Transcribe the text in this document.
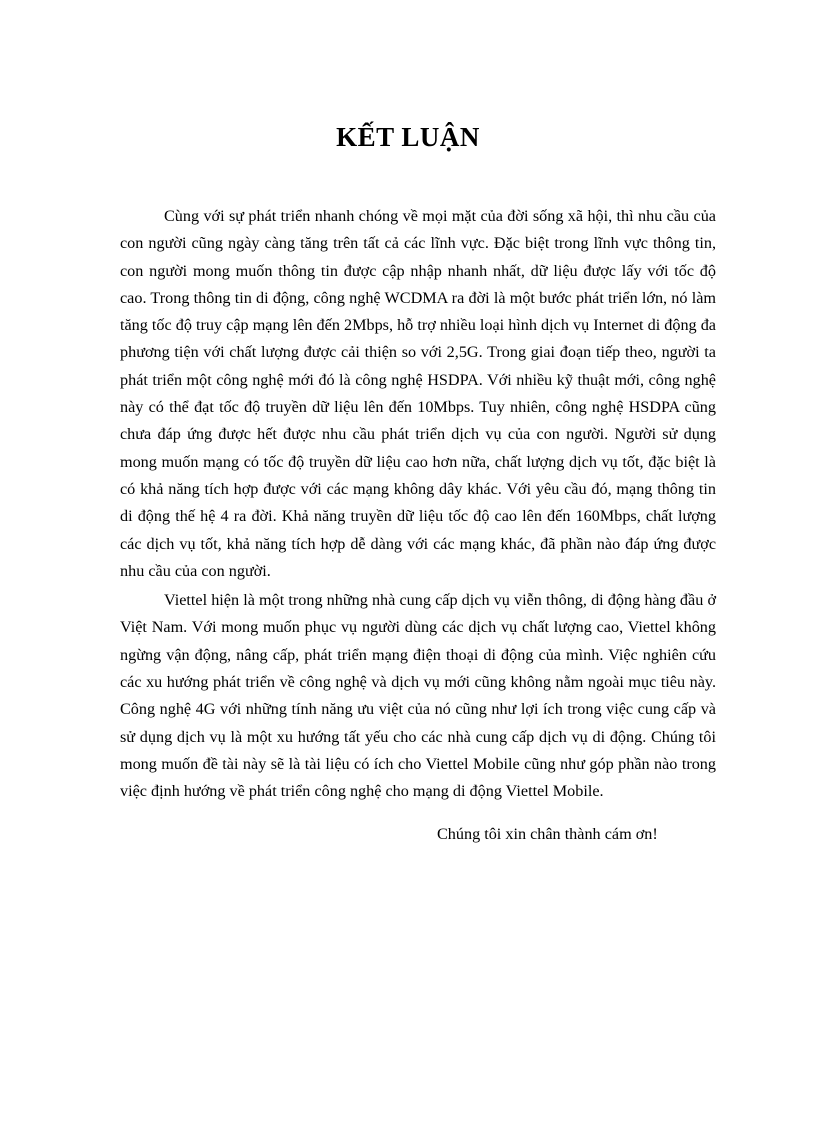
KẾT LUẬN

Cùng với sự phát triển nhanh chóng về mọi mặt của đời sống xã hội, thì nhu cầu của con người cũng ngày càng tăng trên tất cả các lĩnh vực. Đặc biệt trong lĩnh vực thông tin, con người mong muốn thông tin được cập nhập nhanh nhất, dữ liệu được lấy với tốc độ cao. Trong thông tin di động, công nghệ WCDMA ra đời là một bước phát triển lớn, nó làm tăng tốc độ truy cập mạng lên đến 2Mbps, hỗ trợ nhiều loại hình dịch vụ Internet di động đa phương tiện với chất lượng được cải thiện so với 2,5G. Trong giai đoạn tiếp theo, người ta phát triển một công nghệ mới đó là công nghệ HSDPA. Với nhiều kỹ thuật mới, công nghệ này có thể đạt tốc độ truyền dữ liệu lên đến 10Mbps. Tuy nhiên, công nghệ HSDPA cũng chưa đáp ứng được hết được nhu cầu phát triển dịch vụ của con người. Người sử dụng mong muốn mạng có tốc độ truyền dữ liệu cao hơn nữa, chất lượng dịch vụ tốt, đặc biệt là có khả năng tích hợp được với các mạng không dây khác. Với yêu cầu đó, mạng thông tin di động thế hệ 4 ra đời. Khả năng truyền dữ liệu tốc độ cao lên đến 160Mbps, chất lượng các dịch vụ tốt, khả năng tích hợp dễ dàng với các mạng khác, đã phần nào đáp ứng được nhu cầu của con người.

Viettel hiện là một trong những nhà cung cấp dịch vụ viễn thông, di động hàng đầu ở Việt Nam. Với mong muốn phục vụ người dùng các dịch vụ chất lượng cao, Viettel không ngừng vận động, nâng cấp, phát triển mạng điện thoại di động của mình. Việc nghiên cứu các xu hướng phát triển về công nghệ và dịch vụ mới cũng không nằm ngoài mục tiêu này. Công nghệ 4G với những tính năng ưu việt của nó cũng như lợi ích trong việc cung cấp và sử dụng dịch vụ là một xu hướng tất yếu cho các nhà cung cấp dịch vụ di động. Chúng tôi mong muốn đề tài này sẽ là tài liệu có ích cho Viettel Mobile cũng như góp phần nào trong việc định hướng về phát triển công nghệ cho mạng di động Viettel Mobile.

Chúng tôi xin chân thành cám ơn!
